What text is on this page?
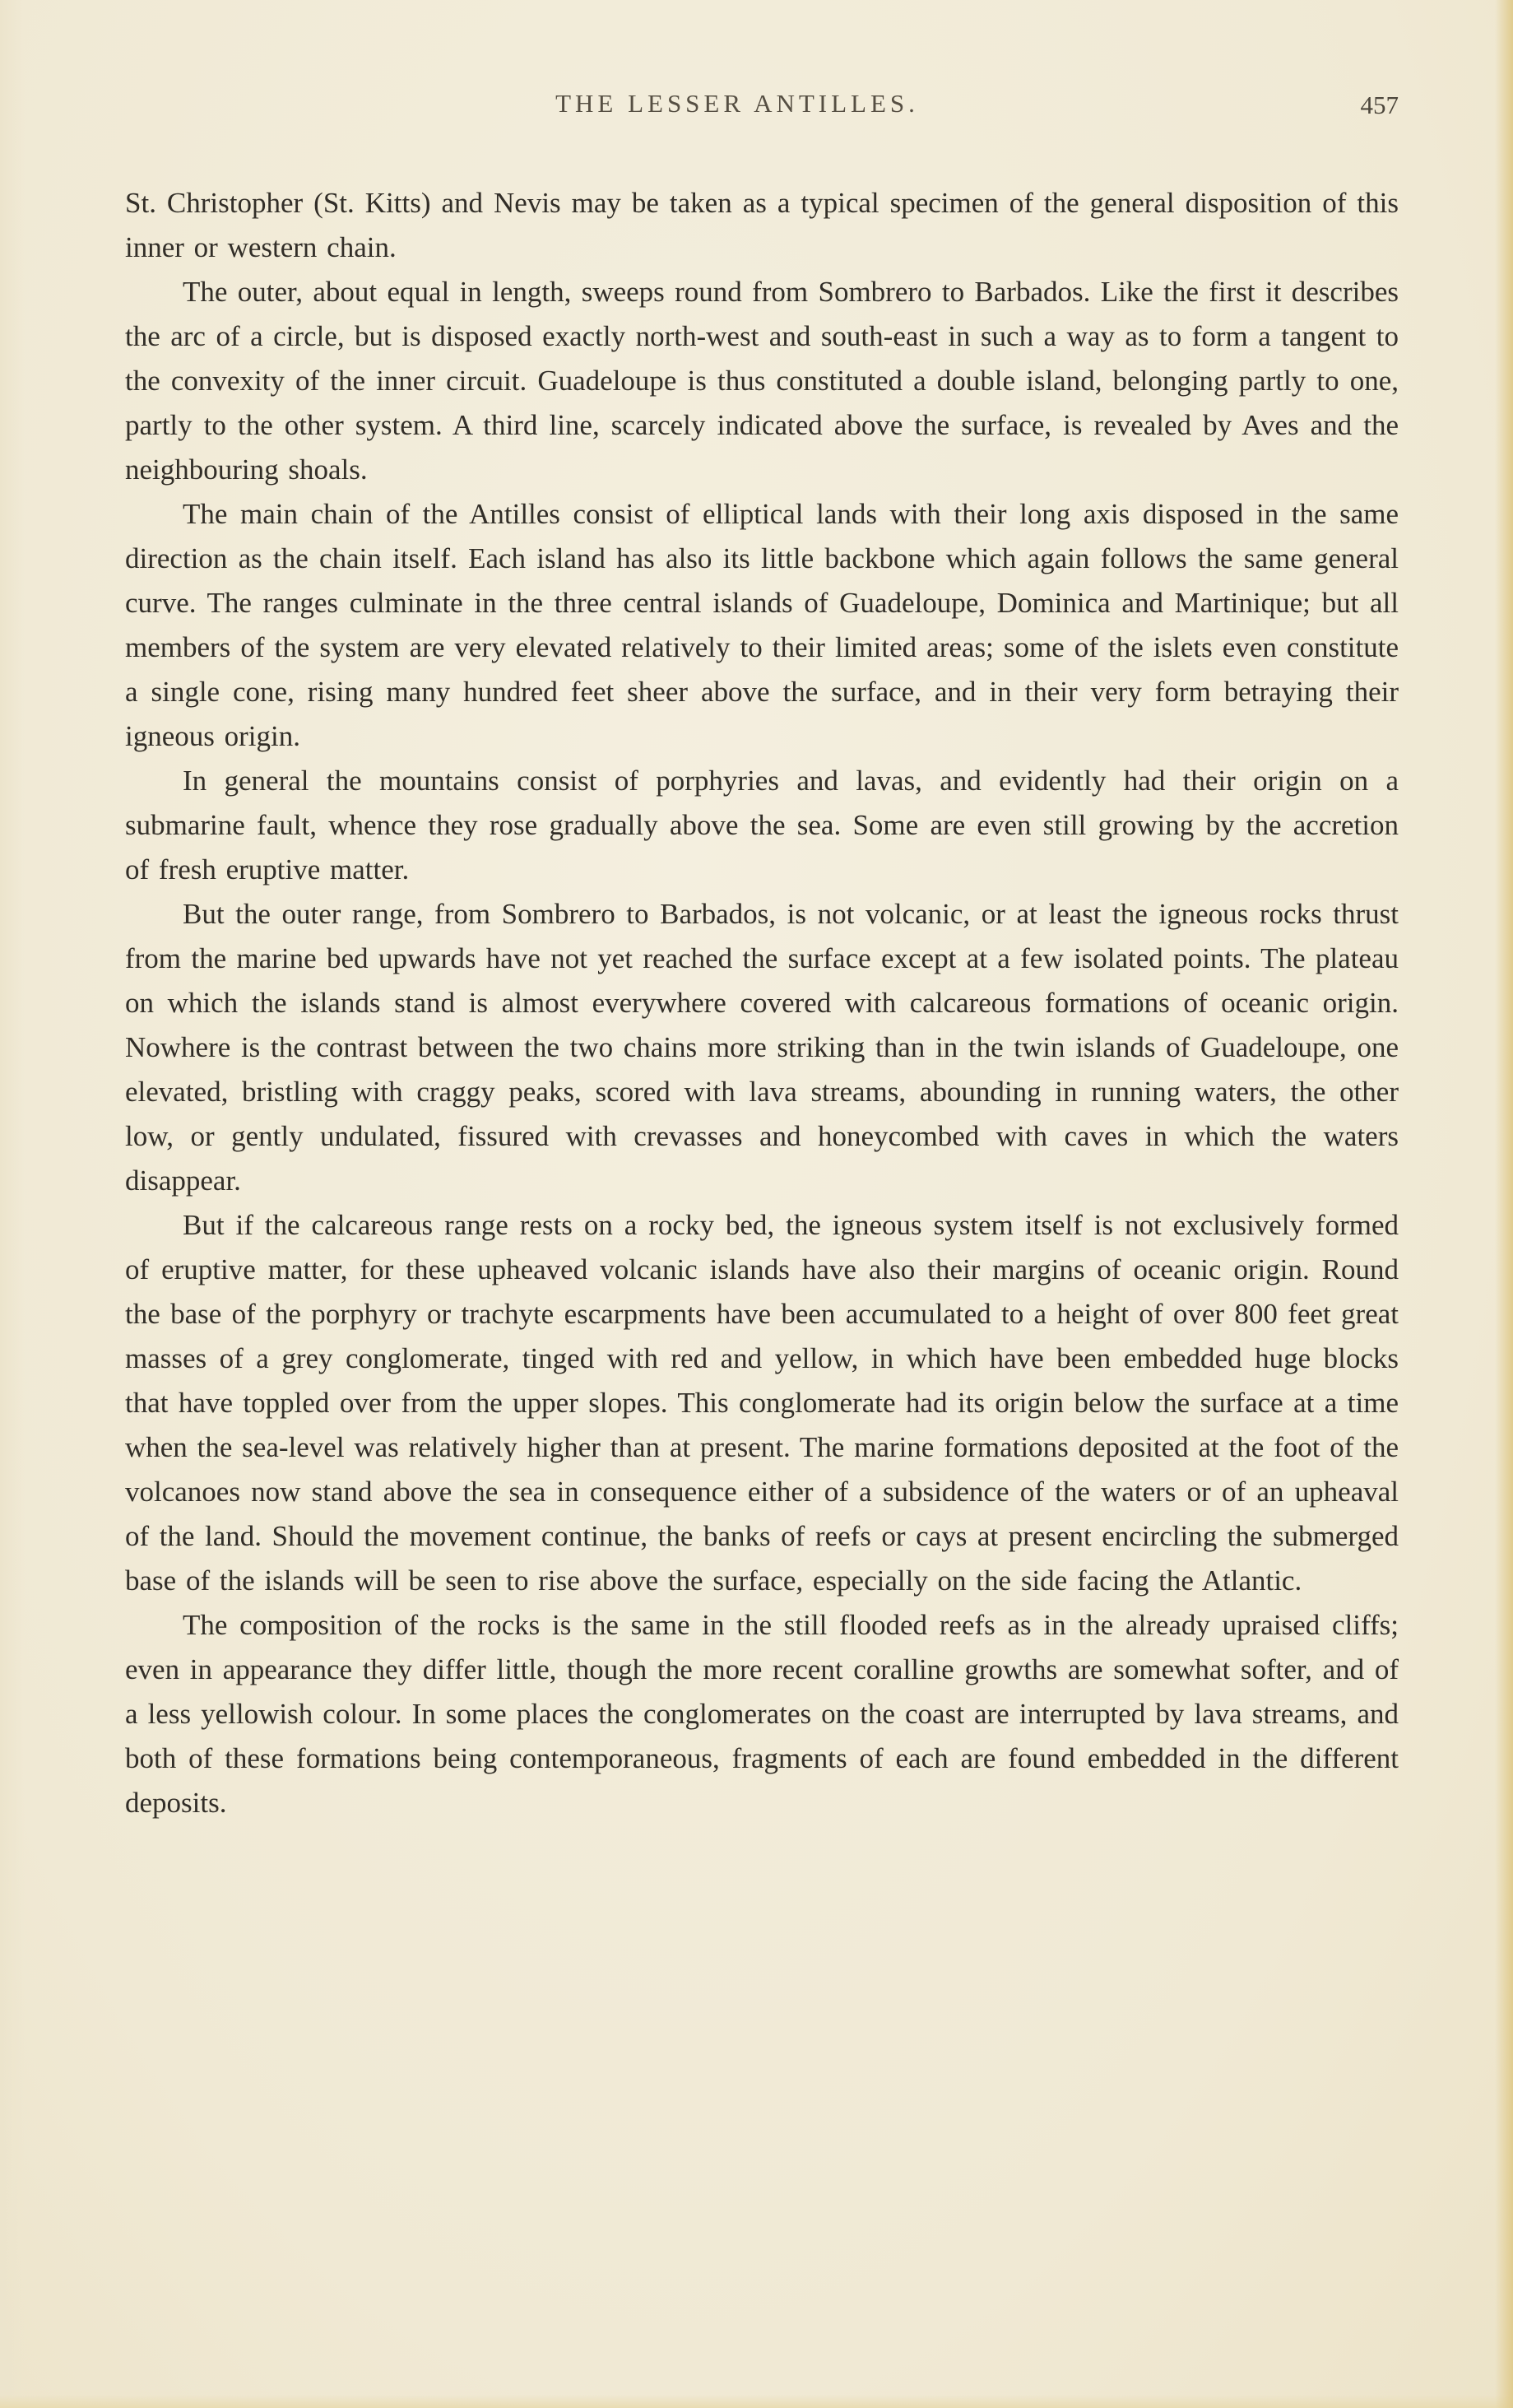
THE LESSER ANTILLES.	457

St. Christopher (St. Kitts) and Nevis may be taken as a typical specimen of the general disposition of this inner or western chain.

The outer, about equal in length, sweeps round from Sombrero to Barbados. Like the first it describes the arc of a circle, but is disposed exactly north-west and south-east in such a way as to form a tangent to the convexity of the inner circuit. Guadeloupe is thus constituted a double island, belonging partly to one, partly to the other system. A third line, scarcely indicated above the surface, is revealed by Aves and the neighbouring shoals.

The main chain of the Antilles consist of elliptical lands with their long axis disposed in the same direction as the chain itself. Each island has also its little backbone which again follows the same general curve. The ranges culminate in the three central islands of Guadeloupe, Dominica and Martinique; but all members of the system are very elevated relatively to their limited areas; some of the islets even constitute a single cone, rising many hundred feet sheer above the surface, and in their very form betraying their igneous origin.

In general the mountains consist of porphyries and lavas, and evidently had their origin on a submarine fault, whence they rose gradually above the sea. Some are even still growing by the accretion of fresh eruptive matter.

But the outer range, from Sombrero to Barbados, is not volcanic, or at least the igneous rocks thrust from the marine bed upwards have not yet reached the surface except at a few isolated points. The plateau on which the islands stand is almost everywhere covered with calcareous formations of oceanic origin. Nowhere is the contrast between the two chains more striking than in the twin islands of Guadeloupe, one elevated, bristling with craggy peaks, scored with lava streams, abounding in running waters, the other low, or gently undulated, fissured with crevasses and honeycombed with caves in which the waters disappear.

But if the calcareous range rests on a rocky bed, the igneous system itself is not exclusively formed of eruptive matter, for these upheaved volcanic islands have also their margins of oceanic origin. Round the base of the porphyry or trachyte escarpments have been accumulated to a height of over 800 feet great masses of a grey conglomerate, tinged with red and yellow, in which have been embedded huge blocks that have toppled over from the upper slopes. This conglomerate had its origin below the surface at a time when the sea-level was relatively higher than at present. The marine formations deposited at the foot of the volcanoes now stand above the sea in consequence either of a subsidence of the waters or of an upheaval of the land. Should the movement continue, the banks of reefs or cays at present encircling the submerged base of the islands will be seen to rise above the surface, especially on the side facing the Atlantic.

The composition of the rocks is the same in the still flooded reefs as in the already upraised cliffs; even in appearance they differ little, though the more recent coralline growths are somewhat softer, and of a less yellowish colour. In some places the conglomerates on the coast are interrupted by lava streams, and both of these formations being contemporaneous, fragments of each are found embedded in the different deposits.
